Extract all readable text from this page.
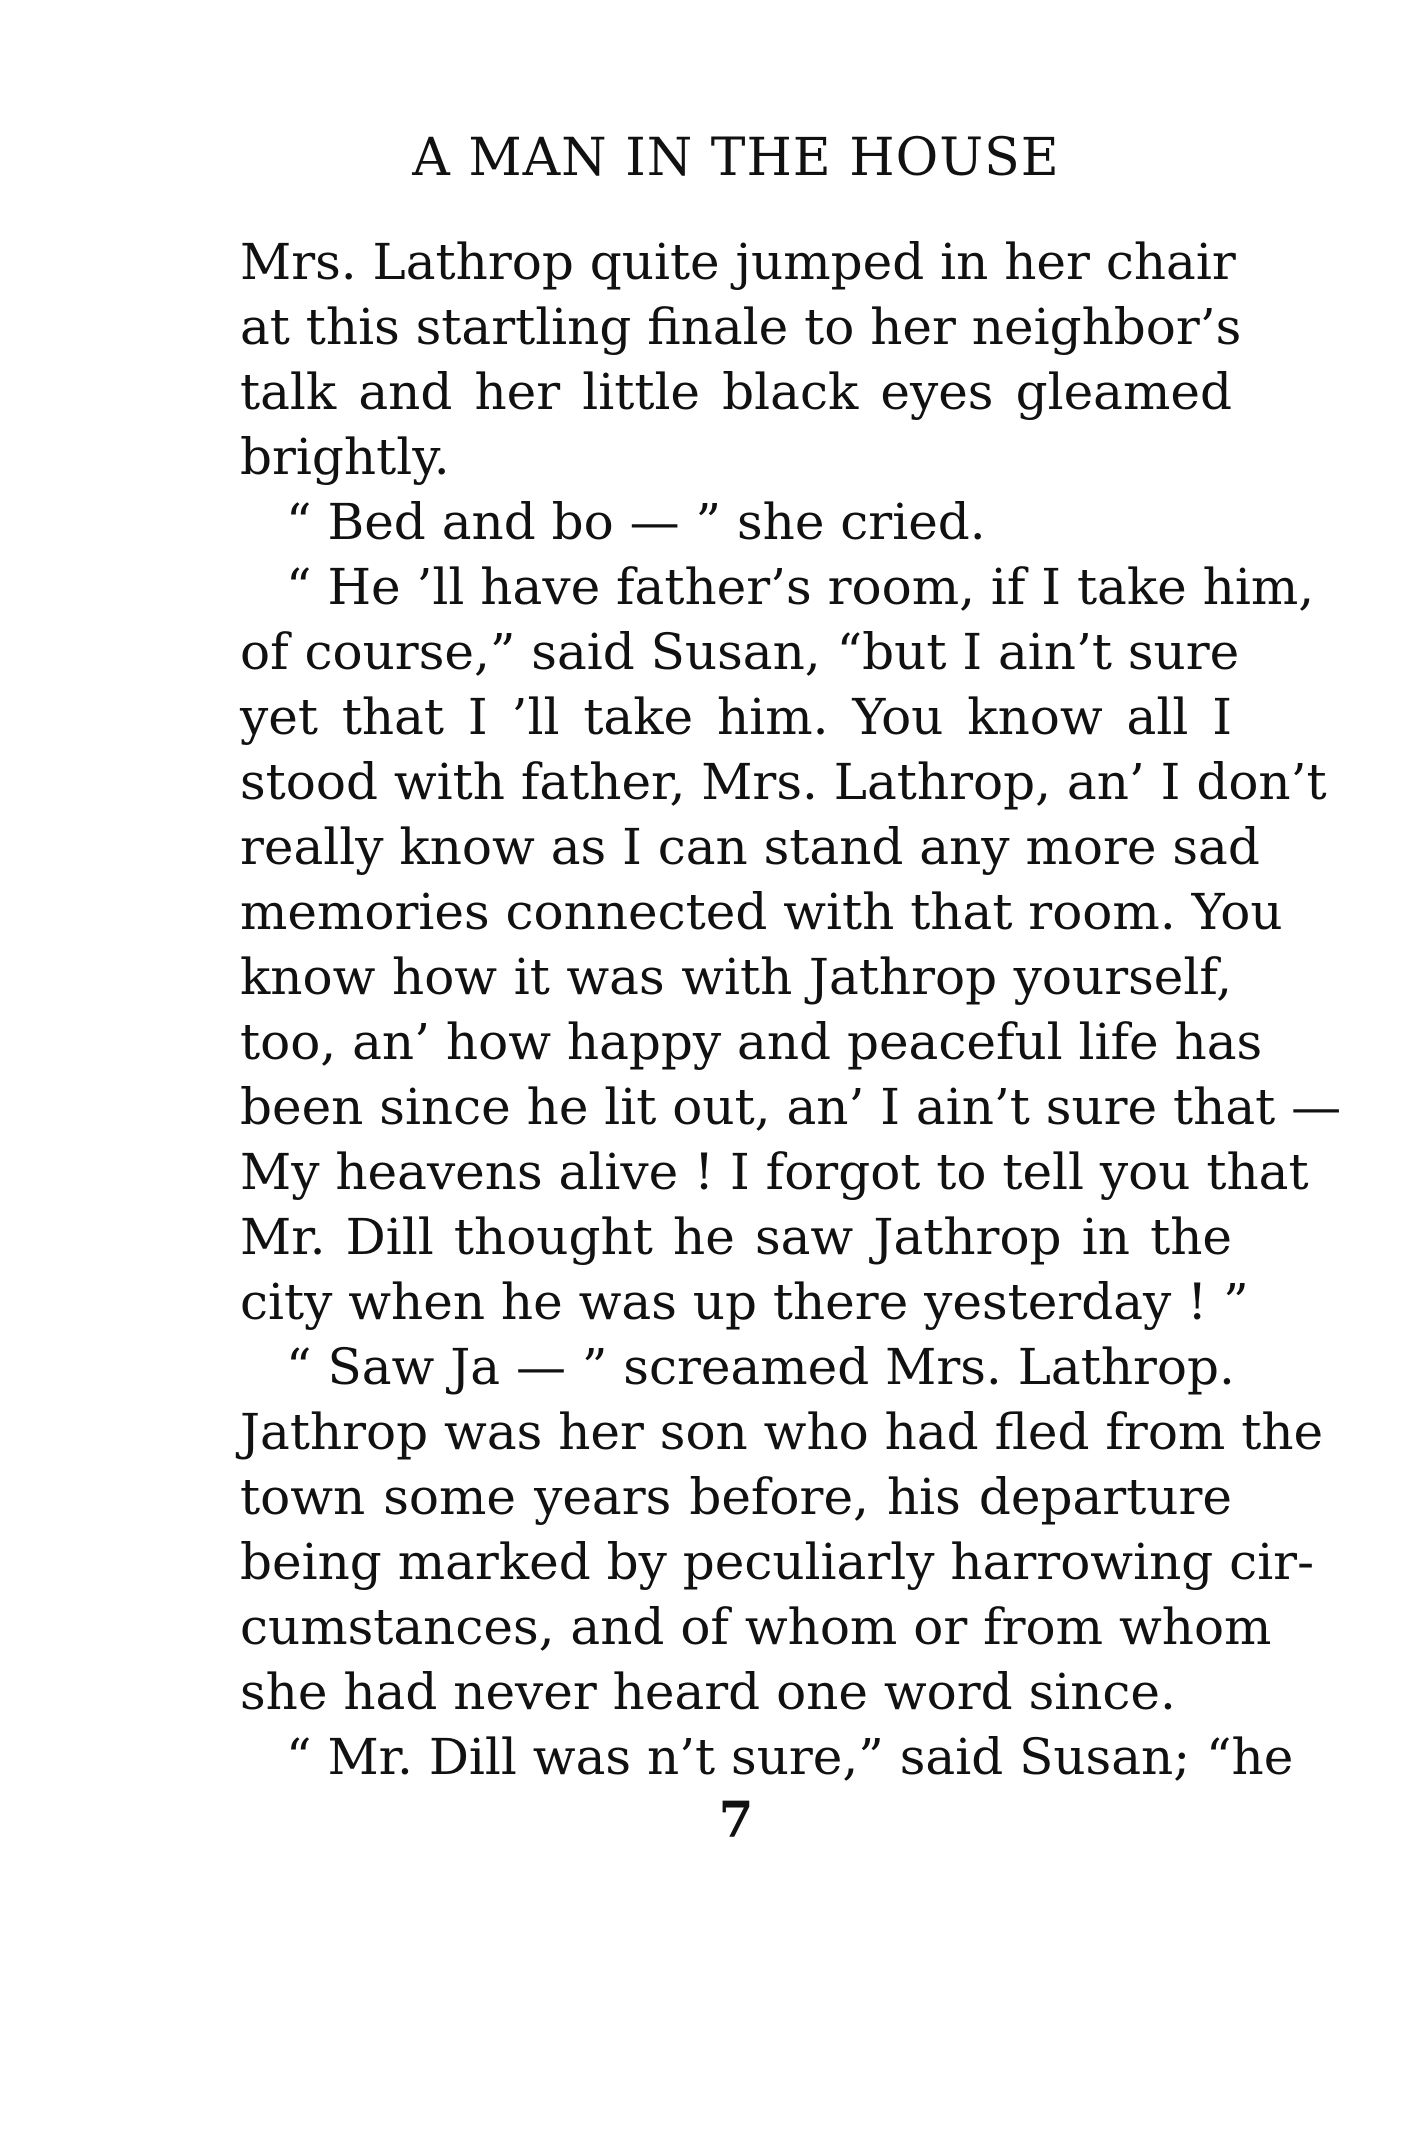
A MAN IN THE HOUSE
Mrs. Lathrop quite jumped in her chair
at this startling finale to her neighbor’s
talk and her little black eyes gleamed
brightly.
“ Bed and bo — ” she cried.
“ He ’ll have father’s room, if I take him,
of course,” said Susan, “but I ain’t sure
yet that I ’ll take him. You know all I
stood with father, Mrs. Lathrop, an’ I don’t
really know as I can stand any more sad
memories connected with that room. You
know how it was with Jathrop yourself,
too, an’ how happy and peaceful life has
been since he lit out, an’ I ain’t sure that —
My heavens alive ! I forgot to tell you that
Mr. Dill thought he saw Jathrop in the
city when he was up there yesterday ! ”
“ Saw Ja — ” screamed Mrs. Lathrop.
Jathrop was her son who had fled from the
town some years before, his departure
being marked by peculiarly harrowing cir-
cumstances, and of whom or from whom
she had never heard one word since.
“ Mr. Dill was n’t sure,” said Susan; “he
7
